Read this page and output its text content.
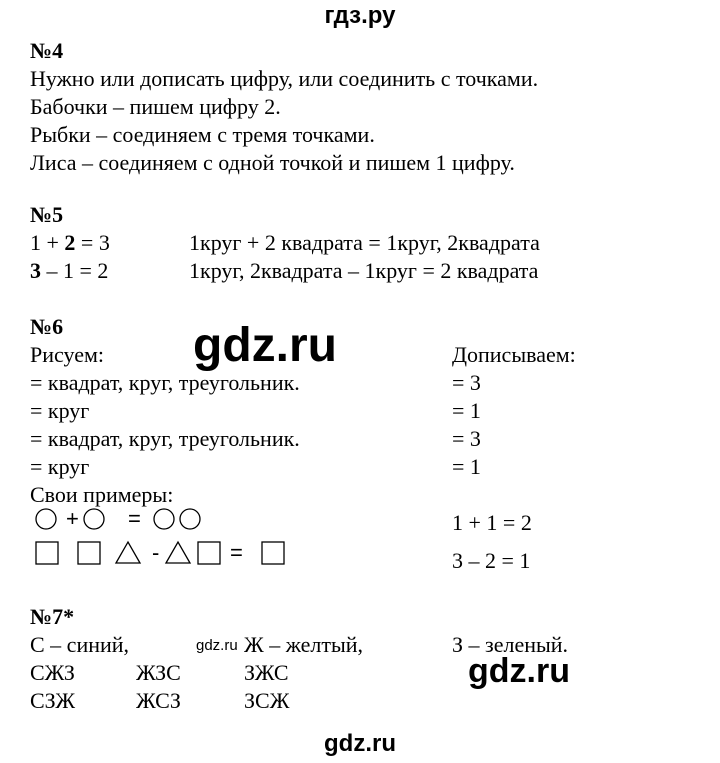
гдз.ру
№4
Нужно или дописать цифру, или соединить с точками.
Бабочки – пишем цифру 2.
Рыбки – соединяем с тремя точками.
Лиса – соединяем с одной точкой и пишем 1 цифру.
№5
1 + 2 = 3	1круг + 2 квадрата = 1круг, 2квадрата
3 – 1 = 2	1круг, 2квадрата – 1круг = 2 квадрата
№6
Рисуем:	Дописываем:
= квадрат, круг, треугольник.	= 3
= круг	= 1
= квадрат, круг, треугольник.	= 3
= круг	= 1
Свои примеры:
+ =	1 + 1 = 2
-	=	3 – 2 = 1
№7*
С – синий,	Ж – желтый,	З – зеленый.
СЖЗ	ЖЗС	ЗЖС
СЗЖ	ЖСЗ	ЗСЖ
gdz.ru
gdz.ru
gdz.ru
gdz.ru
